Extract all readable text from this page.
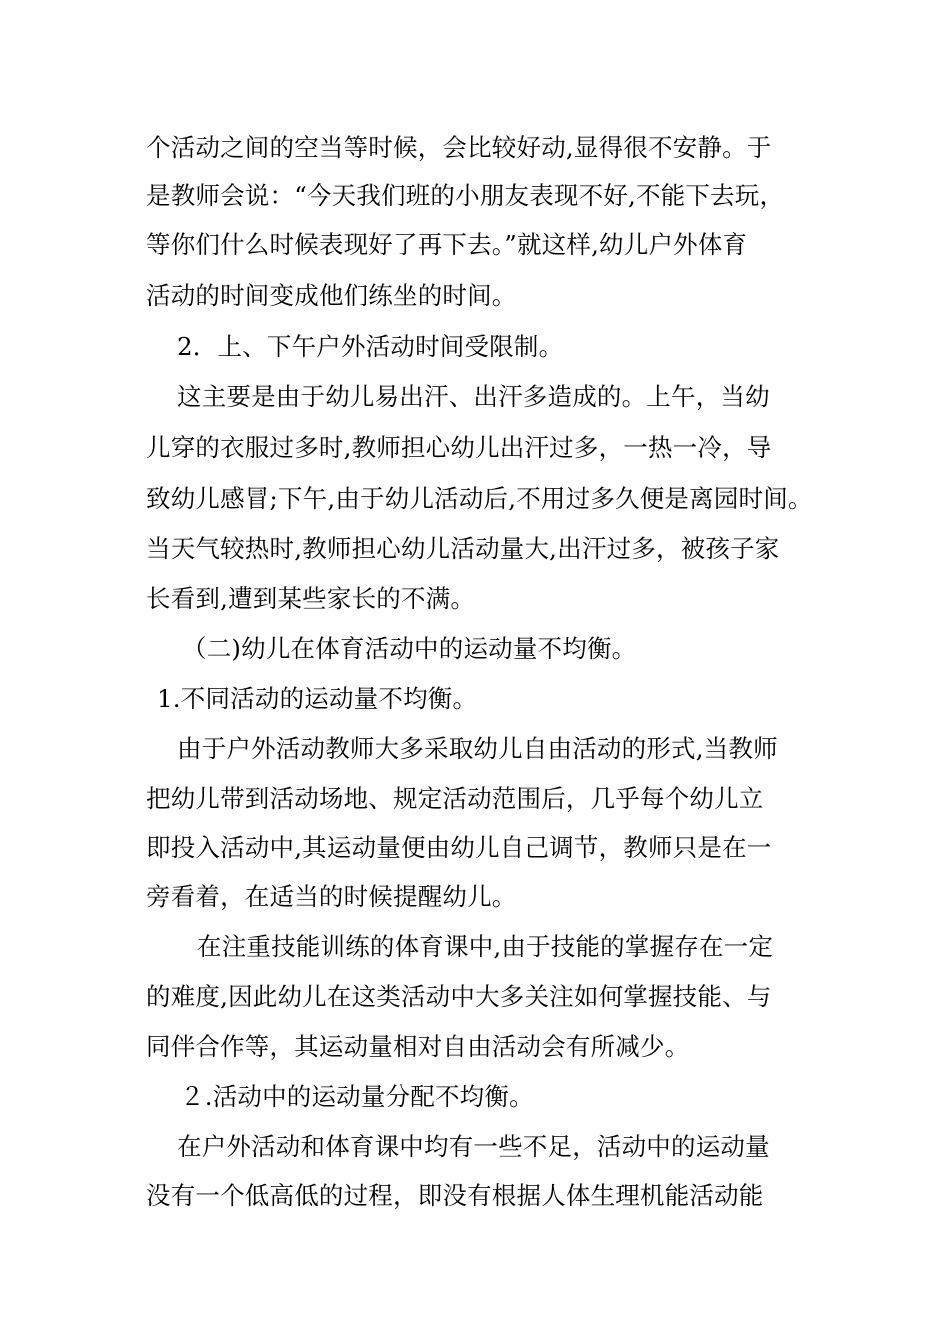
个活动之间的空当等时候，会比较好动,显得很不安静。于
是教师会说：“今天我们班的小朋友表现不好,不能下去玩，
等你们什么时候表现好了再下去。”就这样,幼儿户外体育
活动的时间变成他们练坐的时间。
2．上、下午户外活动时间受限制。
这主要是由于幼儿易出汗、出汗多造成的。上午，当幼
儿穿的衣服过多时,教师担心幼儿出汗过多，一热一冷，导
致幼儿感冒;下午,由于幼儿活动后,不用过多久便是离园时间。
当天气较热时,教师担心幼儿活动量大,出汗过多，被孩子家
长看到,遭到某些家长的不满。
（二)幼儿在体育活动中的运动量不均衡。
1.不同活动的运动量不均衡。
由于户外活动教师大多采取幼儿自由活动的形式,当教师
把幼儿带到活动场地、规定活动范围后，几乎每个幼儿立
即投入活动中,其运动量便由幼儿自己调节，教师只是在一
旁看着，在适当的时候提醒幼儿。
在注重技能训练的体育课中,由于技能的掌握存在一定
的难度,因此幼儿在这类活动中大多关注如何掌握技能、与
同伴合作等，其运动量相对自由活动会有所减少。
２.活动中的运动量分配不均衡。
在户外活动和体育课中均有一些不足，活动中的运动量
没有一个低高低的过程，即没有根据人体生理机能活动能
